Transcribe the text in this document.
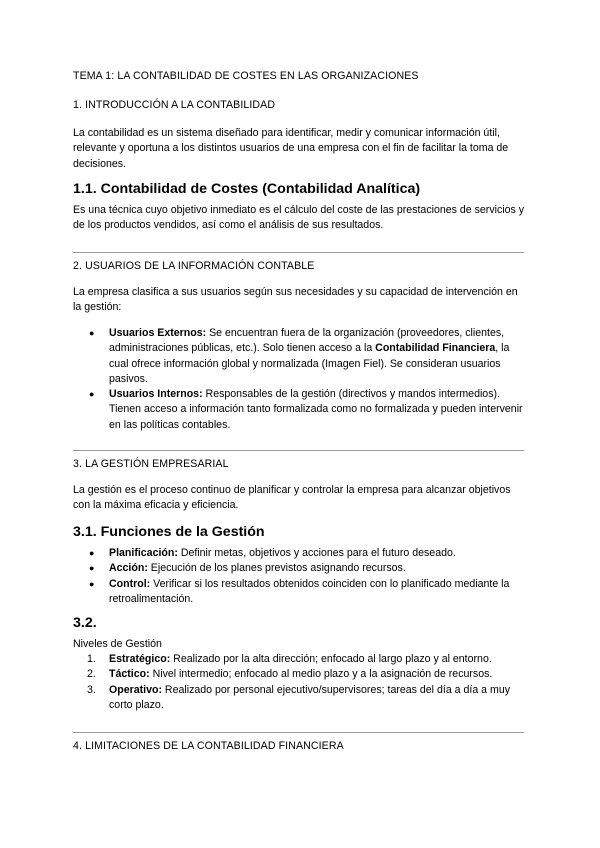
TEMA 1: LA CONTABILIDAD DE COSTES EN LAS ORGANIZACIONES
1. INTRODUCCIÓN A LA CONTABILIDAD
La contabilidad es un sistema diseñado para identificar, medir y comunicar información útil, relevante y oportuna a los distintos usuarios de una empresa con el fin de facilitar la toma de decisiones.
1.1. Contabilidad de Costes (Contabilidad Analítica)
Es una técnica cuyo objetivo inmediato es el cálculo del coste de las prestaciones de servicios y de los productos vendidos, así como el análisis de sus resultados.
2. USUARIOS DE LA INFORMACIÓN CONTABLE
La empresa clasifica a sus usuarios según sus necesidades y su capacidad de intervención en la gestión:
● Usuarios Externos: Se encuentran fuera de la organización (proveedores, clientes, administraciones públicas, etc.). Solo tienen acceso a la Contabilidad Financiera, la cual ofrece información global y normalizada (Imagen Fiel). Se consideran usuarios pasivos.
● Usuarios Internos: Responsables de la gestión (directivos y mandos intermedios). Tienen acceso a información tanto formalizada como no formalizada y pueden intervenir en las políticas contables.
3. LA GESTIÓN EMPRESARIAL
La gestión es el proceso continuo de planificar y controlar la empresa para alcanzar objetivos con la máxima eficacia y eficiencia.
3.1. Funciones de la Gestión
● Planificación: Definir metas, objetivos y acciones para el futuro deseado.
● Acción: Ejecución de los planes previstos asignando recursos.
● Control: Verificar si los resultados obtenidos coinciden con lo planificado mediante la retroalimentación.
3.2.
Niveles de Gestión
1. Estratégico: Realizado por la alta dirección; enfocado al largo plazo y al entorno.
2. Táctico: Nivel intermedio; enfocado al medio plazo y a la asignación de recursos.
3. Operativo: Realizado por personal ejecutivo/supervisores; tareas del día a día a muy corto plazo.
4. LIMITACIONES DE LA CONTABILIDAD FINANCIERA
